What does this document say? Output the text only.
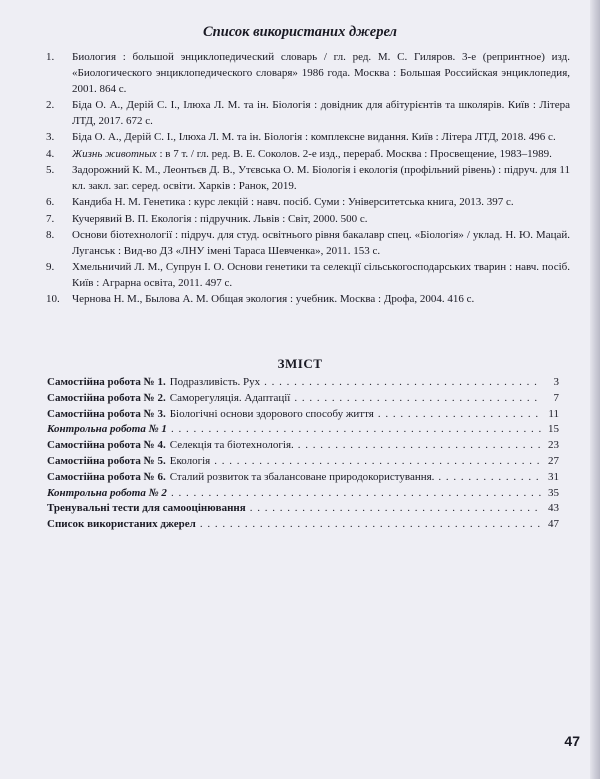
Список використаних джерел
1. Биология : большой энциклопедический словарь / гл. ред. М. С. Гиляров. 3-е (репринтное) изд. «Биологического энциклопедического словаря» 1986 года. Москва : Большая Российская энциклопедия, 2001. 864 с.
2. Біда О. А., Дерій С. І., Ілюха Л. М. та ін. Біологія : довідник для абітурієнтів та школярів. Київ : Літера ЛТД, 2017. 672 с.
3. Біда О. А., Дерій С. І., Ілюха Л. М. та ін. Біологія : комплексне видання. Київ : Літера ЛТД, 2018. 496 с.
4. Жизнь животных : в 7 т. / гл. ред. В. Е. Соколов. 2-е изд., перераб. Москва : Просвещение, 1983–1989.
5. Задорожний К. М., Леонтьєв Д. В., Утєвська О. М. Біологія і екологія (профільний рівень) : підруч. для 11 кл. закл. заг. серед. освіти. Харків : Ранок, 2019.
6. Кандиба Н. М. Генетика : курс лекцій : навч. посіб. Суми : Університетська книга, 2013. 397 с.
7. Кучерявий В. П. Екологія : підручник. Львів : Світ, 2000. 500 с.
8. Основи біотехнології : підруч. для студ. освітнього рівня бакалавр спец. «Біологія» / уклад. Н. Ю. Мацай. Луганськ : Вид-во ДЗ «ЛНУ імені Тараса Шевченка», 2011. 153 с.
9. Хмельничий Л. М., Супрун І. О. Основи генетики та селекції сільськогосподарських тварин : навч. посіб. Київ : Аграрна освіта, 2011. 497 с.
10. Чернова Н. М., Былова А. М. Общая экология : учебник. Москва : Дрофа, 2004. 416 с.
ЗМІСТ
Самостійна робота № 1. Подразливість. Рух . . .	3
Самостійна робота № 2. Саморегуляція. Адаптації . . .	7
Самостійна робота № 3. Біологічні основи здорового способу життя . . .	11
Контрольна робота № 1 . . .	15
Самостійна робота № 4. Селекція та біотехнологія. . . .	23
Самостійна робота № 5. Екологія . . .	27
Самостійна робота № 6. Сталий розвиток та збалансоване природокористування. . . .	31
Контрольна робота № 2 . . .	35
Тренувальні тести для самооцінювання . . .	43
Список використаних джерел . . .	47
47
